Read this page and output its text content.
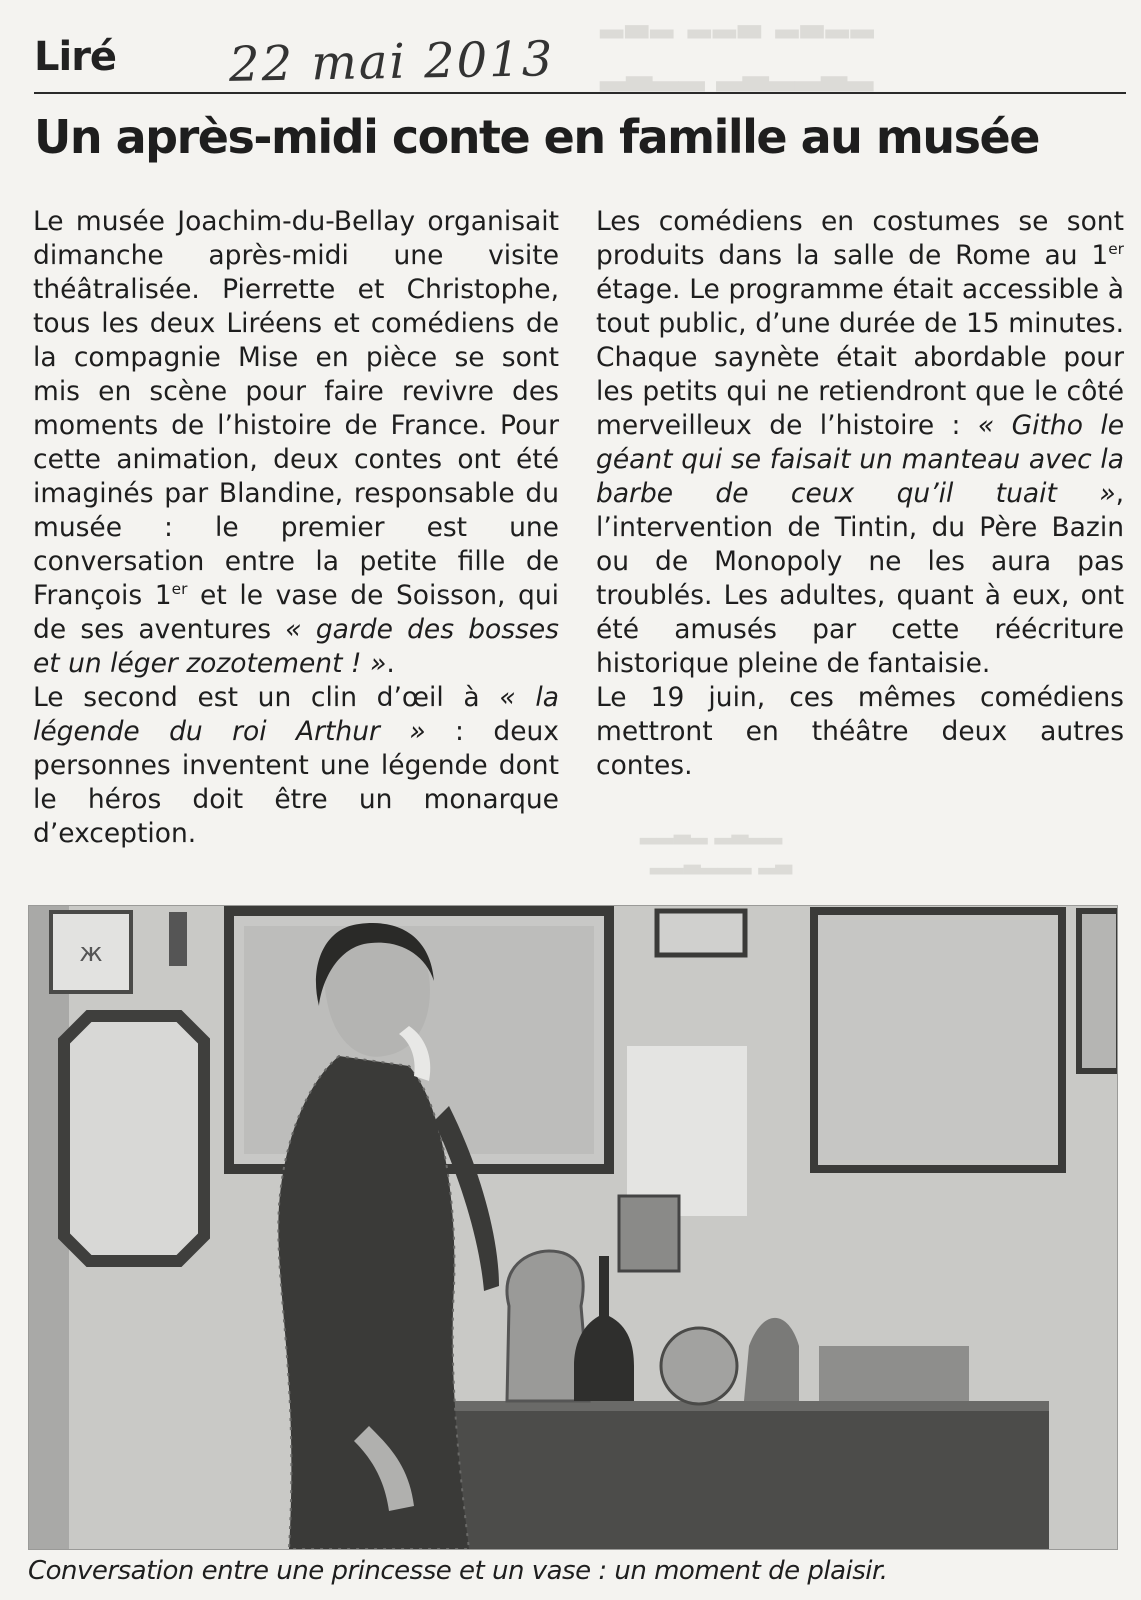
▂▃▂ ▂▂▃ ▂▃▂▂
▂▃▂▂ ▂▃▂▂▃▂
▂▂▃▂ ▂▃▂▂
▂▂▃▂▂▂ ▂▃
Liré 22 mai 2013
Un après-midi conte en famille au musée

Le musée Joachim-du-Bellay organisait dimanche après-midi une visite théâtralisée. Pierrette et Christophe, tous les deux Liréens et comédiens de la compagnie Mise en pièce se sont mis en scène pour faire revivre des moments de l’histoire de France. Pour cette animation, deux contes ont été imaginés par Blandine, responsable du musée : le premier est une conversation entre la petite fille de François 1er et le vase de Soisson, qui de ses aventures « garde des bosses et un léger zozotement ! ».

Le second est un clin d’œil à « la légende du roi Arthur » : deux personnes inventent une légende dont le héros doit être un monarque d’exception.

Les comédiens en costumes se sont produits dans la salle de Rome au 1er étage. Le programme était accessible à tout public, d’une durée de 15 minutes. Chaque saynète était abordable pour les petits qui ne retiendront que le côté merveilleux de l’histoire : « Githo le géant qui se faisait un manteau avec la barbe de ceux qu’il tuait », l’intervention de Tintin, du Père Bazin ou de Monopoly ne les aura pas troublés. Les adultes, quant à eux, ont été amusés par cette réécriture historique pleine de fantaisie.

Le 19 juin, ces mêmes comédiens mettront en théâtre deux autres contes.

ж
Conversation entre une princesse et un vase : un moment de plaisir.
